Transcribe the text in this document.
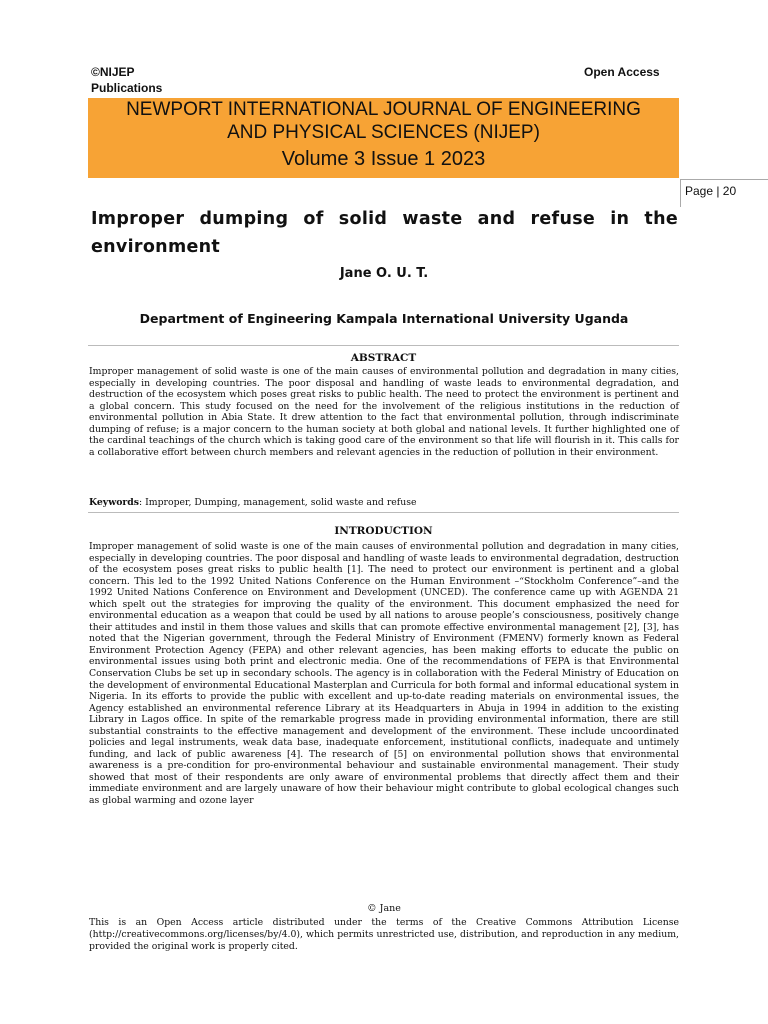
©NIJEP
Publications
Open Access
NEWPORT INTERNATIONAL JOURNAL OF ENGINEERING
AND PHYSICAL SCIENCES (NIJEP)
Volume 3 Issue 1 2023
Page | 20
Improper dumping of solid waste and refuse in the environment
Jane O. U. T.
Department of Engineering Kampala International University Uganda
ABSTRACT
Improper management of solid waste is one of the main causes of environmental pollution and degradation in many cities, especially in developing countries. The poor disposal and handling of waste leads to environmental degradation, and destruction of the ecosystem which poses great risks to public health. The need to protect the environment is pertinent and a global concern. This study focused on the need for the involvement of the religious institutions in the reduction of environmental pollution in Abia State. It drew attention to the fact that environmental pollution, through indiscriminate dumping of refuse; is a major concern to the human society at both global and national levels. It further highlighted one of the cardinal teachings of the church which is taking good care of the environment so that life will flourish in it. This calls for a collaborative effort between church members and relevant agencies in the reduction of pollution in their environment.
Keywords: Improper, Dumping, management, solid waste and refuse
INTRODUCTION
Improper management of solid waste is one of the main causes of environmental pollution and degradation in many cities, especially in developing countries. The poor disposal and handling of waste leads to environmental degradation, destruction of the ecosystem poses great risks to public health [1]. The need to protect our environment is pertinent and a global concern. This led to the 1992 United Nations Conference on the Human Environment –“Stockholm Conference”–and the 1992 United Nations Conference on Environment and Development (UNCED). The conference came up with AGENDA 21 which spelt out the strategies for improving the quality of the environment. This document emphasized the need for environmental education as a weapon that could be used by all nations to arouse people’s consciousness, positively change their attitudes and instil in them those values and skills that can promote effective environmental management [2], [3], has noted that the Nigerian government, through the Federal Ministry of Environment (FMENV) formerly known as Federal Environment Protection Agency (FEPA) and other relevant agencies, has been making efforts to educate the public on environmental issues using both print and electronic media. One of the recommendations of FEPA is that Environmental Conservation Clubs be set up in secondary schools. The agency is in collaboration with the Federal Ministry of Education on the development of environmental Educational Masterplan and Curricula for both formal and informal educational system in Nigeria. In its efforts to provide the public with excellent and up-to-date reading materials on environmental issues, the Agency established an environmental reference Library at its Headquarters in Abuja in 1994 in addition to the existing Library in Lagos office. In spite of the remarkable progress made in providing environmental information, there are still substantial constraints to the effective management and development of the environment. These include uncoordinated policies and legal instruments, weak data base, inadequate enforcement, institutional conflicts, inadequate and untimely funding, and lack of public awareness [4]. The research of [5] on environmental pollution shows that environmental awareness is a pre-condition for pro-environmental behaviour and sustainable environmental management. Their study showed that most of their respondents are only aware of environmental problems that directly affect them and their immediate environment and are largely unaware of how their behaviour might contribute to global ecological changes such as global warming and ozone layer
© Jane
This is an Open Access article distributed under the terms of the Creative Commons Attribution License (http://creativecommons.org/licenses/by/4.0), which permits unrestricted use, distribution, and reproduction in any medium, provided the original work is properly cited.
